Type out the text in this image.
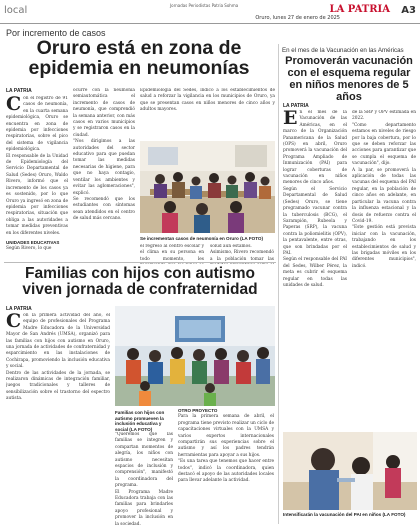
local	Jornadas Periodistas Patria Sohma
Oruro, lunes 27 de enero de 2025
LA PATRIA A3
Por incremento de casos
Oruro está en zona de epidemia en neumonías
LA PATRIA
Con el registro de 91 casos de neumonía, en la cuarta semana epidemiológica, Oruro se encuentra en zona de epidemia por infecciones respiratorias, sobre el pico del sistema de vigilancia epidemiológica.
El responsable de la Unidad de Epidemiología del Servicio Departamental de Salud (Sedes) Oruro, Waldo Rivero, informó que el incremento de los casos ya es sostenido, por lo que Oruro ya ingresó en zona de epidemia por infecciones respiratorias, situación que obliga a las autoridades a tomar medidas preventivas en los diferentes niveles.
UNIDADES EDUCATIVAS
Según Rivero, lo que
ocurre con la neumonía semiautomática el incremento de casos de neumonía, que comprendió la semana anterior, con más casos en varios municipios y se registraron casos en la ciudad.
"Nos dirigimos a las autoridades del sector educativo para que puedan tomar las medidas necesarias de higiene, para que no haya contagio, ventilar los ambientes y evitar las aglomeraciones", explicó.
Se recomendó que los estudiantes con síntomas sean atendidos en el centro de salud más cercano.
Epidemiología del Sedes, indicó a los establecimientos de salud a reforzar la vigilancia en los municipios de Oruro, ya que se presentan casos en niños menores de cinco años y adultos mayores.
Se incrementan casos de neumonía en Oruro (LA FOTO)
el regreso al centro escolar y el clima en su persona en todo momento, les

solud aun estamos.
Asimismo, Rivero recomendó a la población tomar las

Familias con hijos con autismo viven jornada de confraternidad
LA PATRIA
Con la primera actividad del año, el equipo de profesionales del Programa Madre Educadora de la Universidad Mayor de San Andrés (UMSA), organizó para las familias con hijos con autismo en Oruro, una jornada de actividades de confraternidad y esparcimiento en las instalaciones de Cochirapa, promoviendo la inclusión educativa y social.
Dentro de las actividades de la jornada, se realizaron dinámicas de integración familiar, juegos tradicionales y talleres de sensibilización sobre el trastorno del espectro autista.
Familias con hijos con autismo promueven la inclusión educativa y social (LA FOTO)
"Queremos que las familias se integren y compartan momentos de alegría, los niños con autismo necesitan espacios de inclusión y comprensión", manifestó la coordinadora del programa.
El Programa Madre Educadora trabaja con las familias para brindarles apoyo profesional y promover la inclusión en la sociedad.
OTRO PROYECTO
Para la primera semana de abril, el programa tiene previsto realizar un ciclo de capacitaciones virtuales con la UMSA y varios expertos internacionales compartirán sus experiencias sobre el autismo y así los padres tendrán herramientas para apoyar a sus hijos.
"Es una tarea que tenemos que hacer entre todos", indicó la coordinadora, quien destacó el apoyo de las autoridades locales para llevar adelante la actividad.
En el mes de la Vacunación en las Américas
Promoverán vacunación con el esquema regular en niños menores de 5 años
LA PATRIA
En el mes de la Vacunación de las Américas, en el marco de la Organización Panamericana de la Salud (OPS) en abril, Oruro promoverá la vacunación del Programa Ampliado de Inmunización (PAI) para lograr coberturas de vacunación en niños menores de cinco años.
Según el Servicio Departamental de Salud (Sedes) Oruro, se tiene programado vacunar contra la tuberculosis (BCG), el Sarampión, Rubeola y Paperas (SRP), la vacuna contra la poliomielitis (OPV), la pentavalente, entre otras, que son brindadas por el PAI.
Según el responsable del PAI del Sedes, Wilber Pérez, la meta es cubrir el esquema regular en todas las unidades de salud.
de la SRP y OPV estimada en 2022.
"Como departamento estamos en niveles de riesgo por la baja cobertura, por lo que se deben reforzar las acciones para garantizar que se cumpla el esquema de vacunación", dijo.
A la par, se promoverá la aplicación de todas las vacunas del esquema del PAI regular, en la población de cinco años en adelante, en particular la vacuna contra la influenza estacional y la dosis de refuerzo contra el Covid-19.
"Este gestión está prevista iniciar con la vacunación, trabajando en los establecimientos de salud y las brigadas móviles en los diferentes municipios", indicó.
Intensificarán la vacunación del PAI en niños (LA FOTO)
